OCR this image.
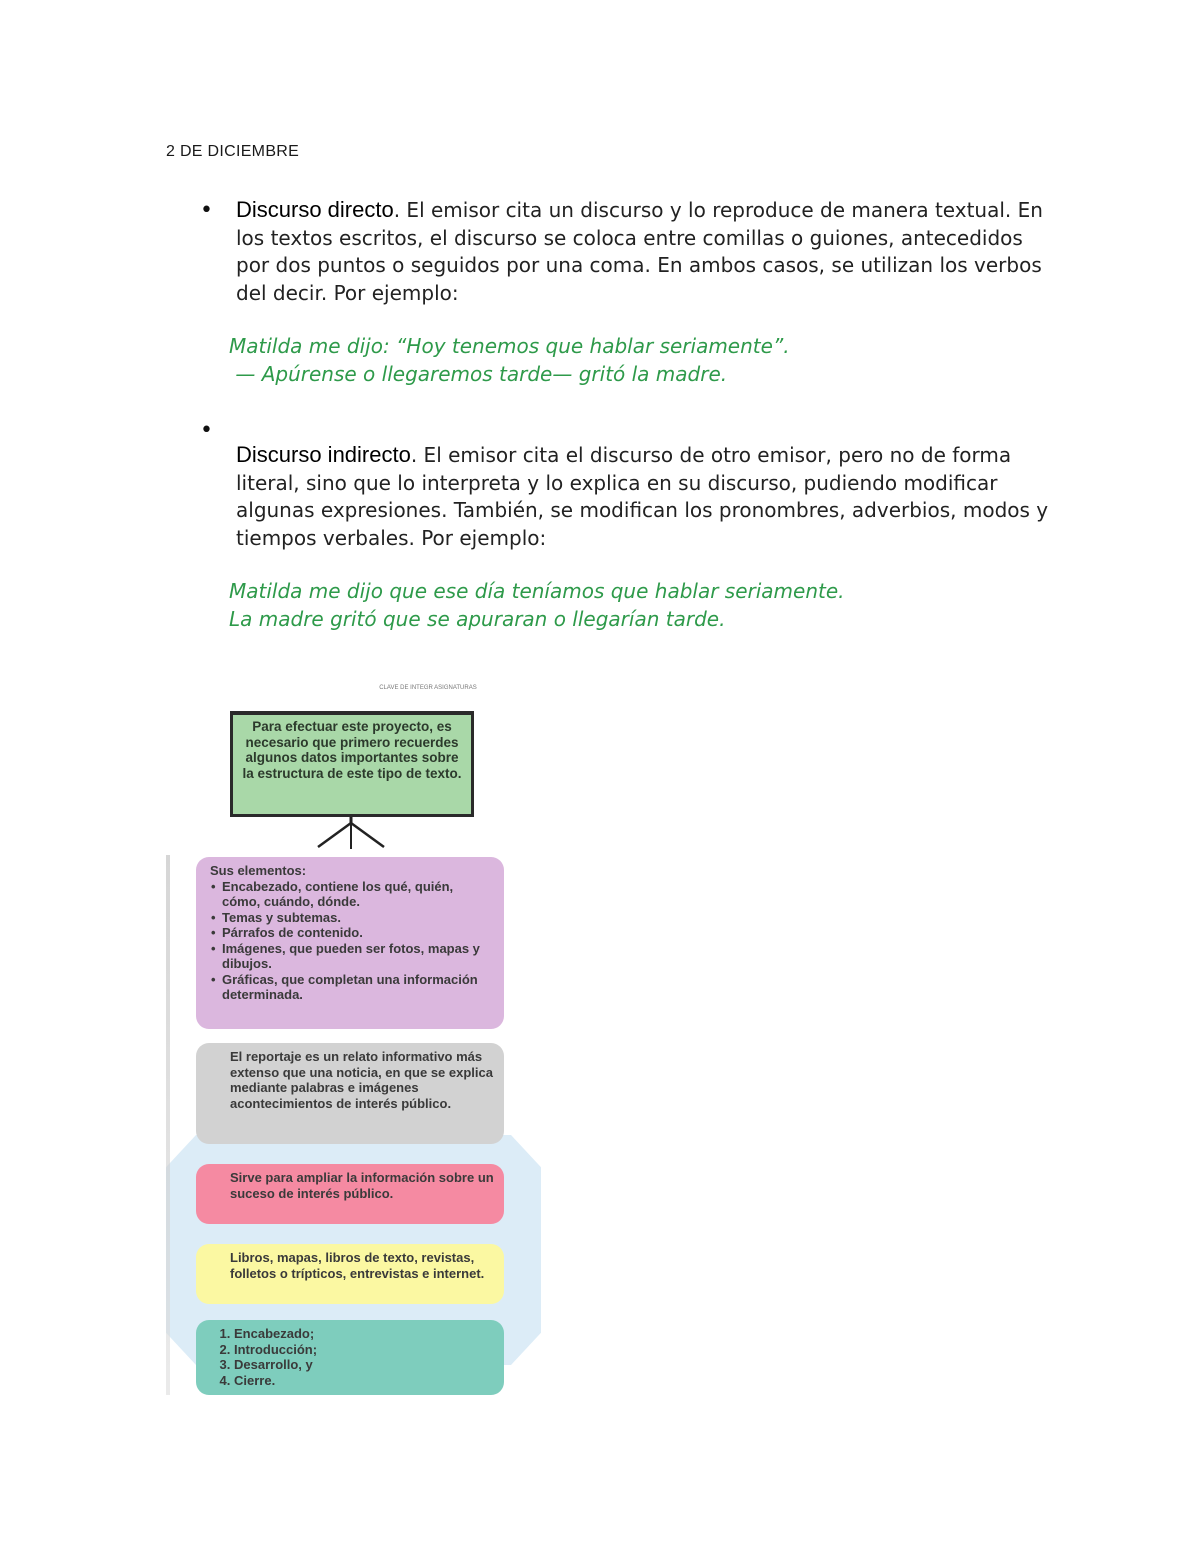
2 DE DICIEMBRE
• Discurso directo. El emisor cita un discurso y lo reproduce de manera textual. En los textos escritos, el discurso se coloca entre comillas o guiones, antecedidos por dos puntos o seguidos por una coma. En ambos casos, se utilizan los verbos del decir. Por ejemplo:
Matilda me dijo: “Hoy tenemos que hablar seriamente”.
— Apúrense o llegaremos tarde— gritó la madre.
•
Discurso indirecto. El emisor cita el discurso de otro emisor, pero no de forma literal, sino que lo interpreta y lo explica en su discurso, pudiendo modificar algunas expresiones. También, se modifican los pronombres, adverbios, modos y tiempos verbales. Por ejemplo:
Matilda me dijo que ese día teníamos que hablar seriamente.
La madre gritó que se apuraran o llegarían tarde.
CLAVE DE INTEGR ASIGNATURAS
Para efectuar este proyecto, es necesario que primero recuerdes algunos datos importantes sobre la estructura de este tipo de texto.
Sus elementos:
• Encabezado, contiene los qué, quién, cómo, cuándo, dónde.
• Temas y subtemas.
• Párrafos de contenido.
• Imágenes, que pueden ser fotos, mapas y dibujos.
• Gráficas, que completan una información determinada.
El reportaje es un relato informativo más extenso que una noticia, en que se explica mediante palabras e imágenes acontecimientos de interés público.
Sirve para ampliar la información sobre un suceso de interés público.
Libros, mapas, libros de texto, revistas, folletos o trípticos, entrevistas e internet.
1. Encabezado;
2. Introducción;
3. Desarrollo, y
4. Cierre.
